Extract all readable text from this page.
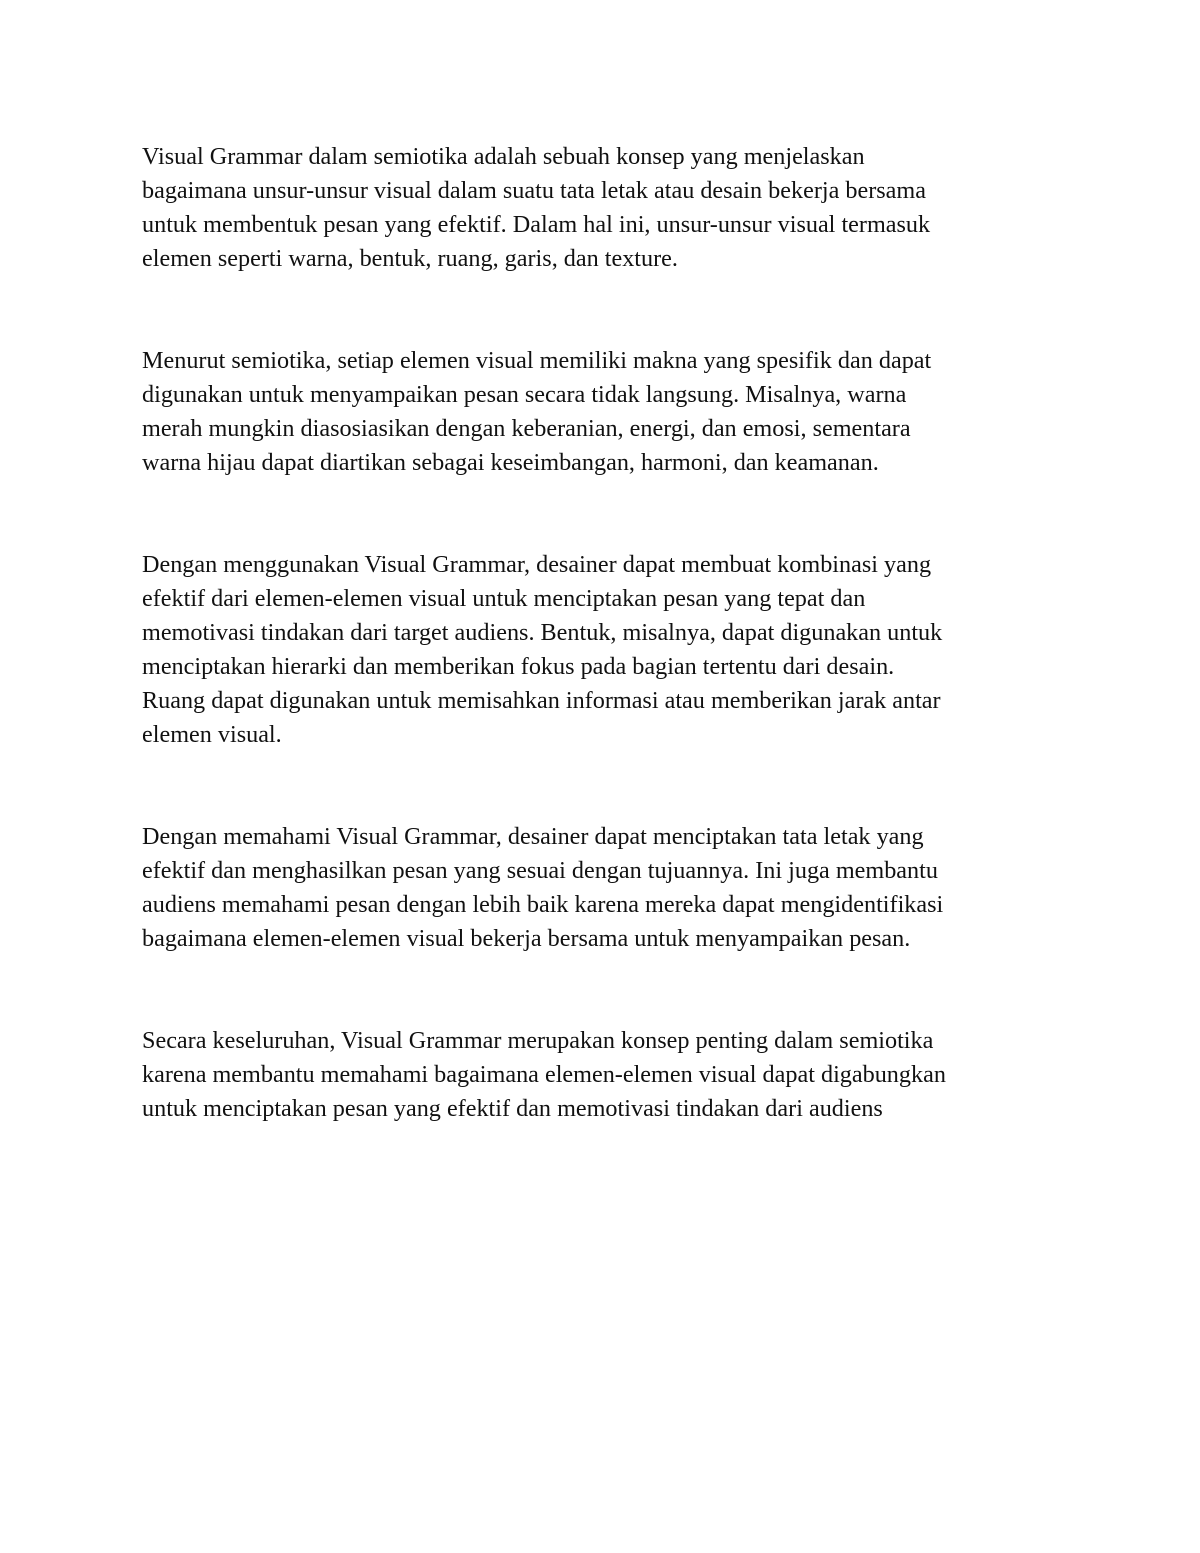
Visual Grammar dalam semiotika adalah sebuah konsep yang menjelaskan
bagaimana unsur-unsur visual dalam suatu tata letak atau desain bekerja bersama
untuk membentuk pesan yang efektif. Dalam hal ini, unsur-unsur visual termasuk
elemen seperti warna, bentuk, ruang, garis, dan texture.

Menurut semiotika, setiap elemen visual memiliki makna yang spesifik dan dapat
digunakan untuk menyampaikan pesan secara tidak langsung. Misalnya, warna
merah mungkin diasosiasikan dengan keberanian, energi, dan emosi, sementara
warna hijau dapat diartikan sebagai keseimbangan, harmoni, dan keamanan.

Dengan menggunakan Visual Grammar, desainer dapat membuat kombinasi yang
efektif dari elemen-elemen visual untuk menciptakan pesan yang tepat dan
memotivasi tindakan dari target audiens. Bentuk, misalnya, dapat digunakan untuk
menciptakan hierarki dan memberikan fokus pada bagian tertentu dari desain.
Ruang dapat digunakan untuk memisahkan informasi atau memberikan jarak antar
elemen visual.

Dengan memahami Visual Grammar, desainer dapat menciptakan tata letak yang
efektif dan menghasilkan pesan yang sesuai dengan tujuannya. Ini juga membantu
audiens memahami pesan dengan lebih baik karena mereka dapat mengidentifikasi
bagaimana elemen-elemen visual bekerja bersama untuk menyampaikan pesan.

Secara keseluruhan, Visual Grammar merupakan konsep penting dalam semiotika
karena membantu memahami bagaimana elemen-elemen visual dapat digabungkan
untuk menciptakan pesan yang efektif dan memotivasi tindakan dari audiens
